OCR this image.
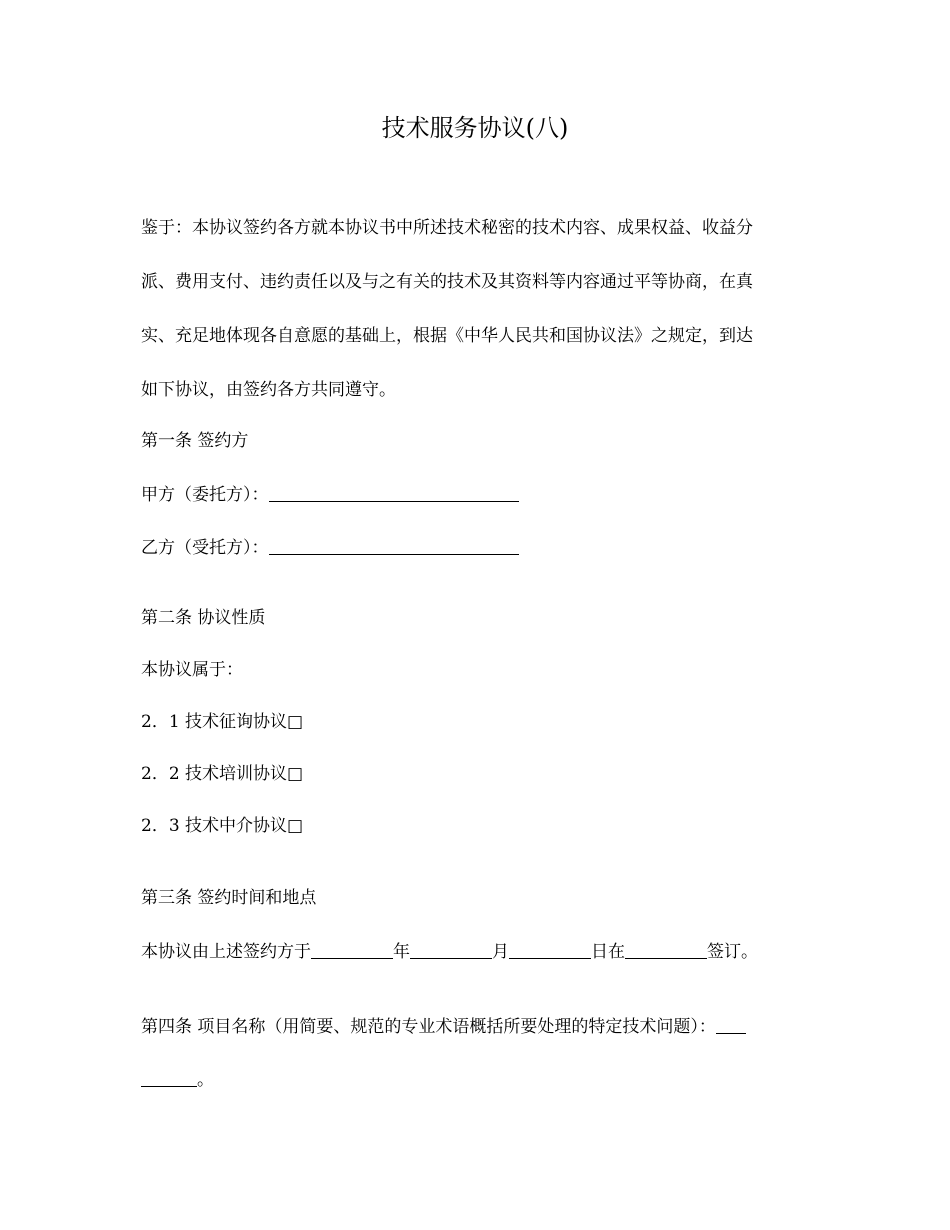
技术服务协议(八)
鉴于：本协议签约各方就本协议书中所述技术秘密的技术内容、成果权益、收益分
派、费用支付、违约责任以及与之有关的技术及其资料等内容通过平等协商，在真
实、充足地体现各自意愿的基础上，根据《中华人民共和国协议法》之规定，到达
如下协议，由签约各方共同遵守。
第一条 签约方
甲方（委托方）：
乙方（受托方）：
第二条 协议性质
本协议属于：
2．1 技术征询协议□
2．2 技术培训协议□
2．3 技术中介协议□
第三条 签约时间和地点
本协议由上述签约方于	年	月	日在	签订。
第四条 项目名称（用简要、规范的专业术语概括所要处理的特定技术问题）：
。
